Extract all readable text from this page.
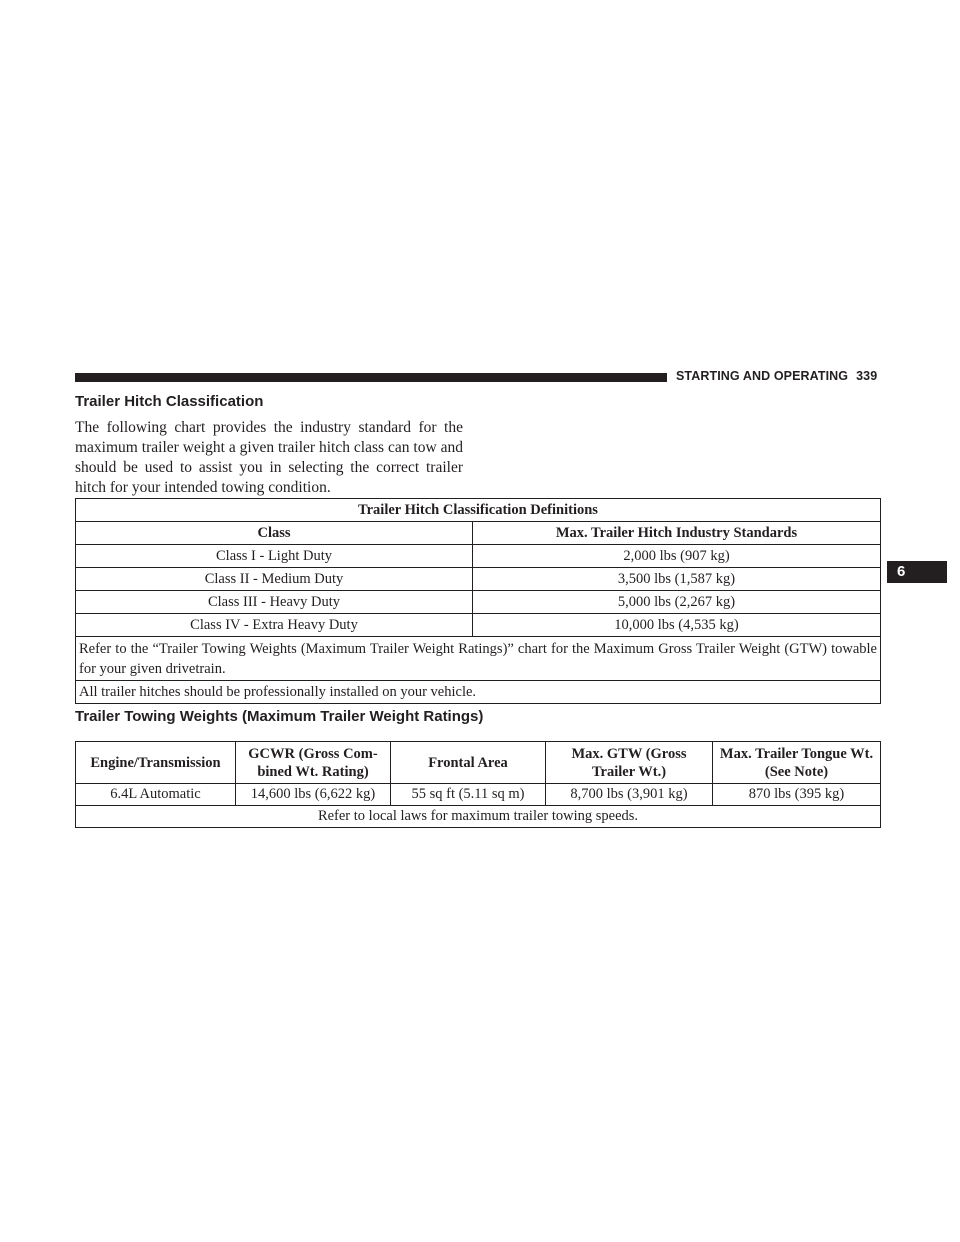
STARTING AND OPERATING 339
6
Trailer Hitch Classification

The following chart provides the industry standard for the maximum trailer weight a given trailer hitch class can tow and should be used to assist you in selecting the correct trailer hitch for your intended towing condition.

Trailer Hitch Classification Definitions	
Class	Max. Trailer Hitch Industry Standards
Class I - Light Duty	2,000 lbs (907 kg)
Class II - Medium Duty	3,500 lbs (1,587 kg)
Class III - Heavy Duty	5,000 lbs (2,267 kg)
Class IV - Extra Heavy Duty	10,000 lbs (4,535 kg)
Refer to the “Trailer Towing Weights (Maximum Trailer Weight Ratings)” chart for the Maximum Gross Trailer Weight (GTW) towable for your given drivetrain.	
All trailer hitches should be professionally installed on your vehicle.	
Trailer Towing Weights (Maximum Trailer Weight Ratings)
Engine/Transmission	GCWR (Gross Com- bined Wt. Rating)	Frontal Area	Max. GTW (Gross Trailer Wt.)	Max. Trailer Tongue Wt. (See Note)
6.4L Automatic	14,600 lbs (6,622 kg)	55 sq ft (5.11 sq m)	8,700 lbs (3,901 kg)	870 lbs (395 kg)
Refer to local laws for maximum trailer towing speeds.				
